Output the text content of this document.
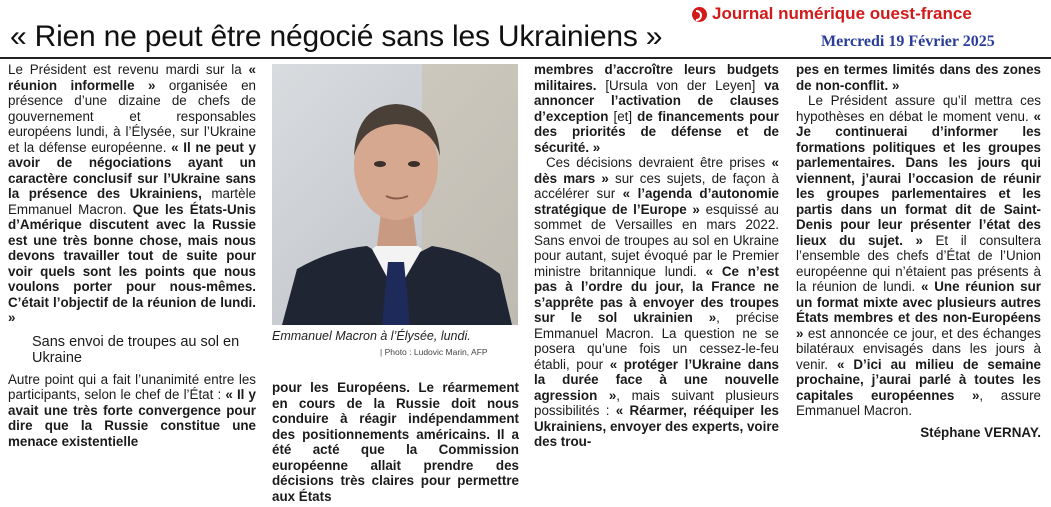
Journal numérique ouest-france
Mercredi 19 Février 2025
« Rien ne peut être négocié sans les Ukrainiens »

Le Président est revenu mardi sur la « réunion informelle » organisée en présence d’une dizaine de chefs de gouvernement et responsables européens lundi, à l’Élysée, sur l’Ukraine et la défense européenne. « Il ne peut y avoir de négociations ayant un caractère conclusif sur l’Ukraine sans la présence des Ukrainiens, martèle Emmanuel Macron. Que les États-Unis d’Amérique discutent avec la Russie est une très bonne chose, mais nous devons travailler tout de suite pour voir quels sont les points que nous voulons porter pour nous-mêmes. C’était l’objectif de la réunion de lundi. »

Sans envoi de troupes au sol en Ukraine

Autre point qui a fait l’unanimité entre les participants, selon le chef de l’État : « Il y avait une très forte convergence pour dire que la Russie constitue une menace existentielle

Emmanuel Macron à l’Élysée, lundi.
| Photo : Ludovic Marin, AFP

pour les Européens. Le réarmement en cours de la Russie doit nous conduire à réagir indépendamment des positionnements américains. Il a été acté que la Commission européenne allait prendre des décisions très claires pour permettre aux États

membres d’accroître leurs budgets militaires. [Ursula von der Leyen] va annoncer l’activation de clauses d’exception [et] de financements pour des priorités de défense et de sécurité. »

Ces décisions devraient être prises « dès mars » sur ces sujets, de façon à accélérer sur « l’agenda d’autonomie stratégique de l’Europe » esquissé au sommet de Versailles en mars 2022. Sans envoi de troupes au sol en Ukraine pour autant, sujet évoqué par le Premier ministre britannique lundi. « Ce n’est pas à l’ordre du jour, la France ne s’apprête pas à envoyer des troupes sur le sol ukrainien », précise Emmanuel Macron. La question ne se posera qu’une fois un cessez-le-feu établi, pour « protéger l’Ukraine dans la durée face à une nouvelle agression », mais suivant plusieurs possibilités : « Réarmer, rééquiper les Ukrainiens, envoyer des experts, voire des trou-

pes en termes limités dans des zones de non-conflit. »

Le Président assure qu’il mettra ces hypothèses en débat le moment venu. « Je continuerai d’informer les formations politiques et les groupes parlementaires. Dans les jours qui viennent, j’aurai l’occasion de réunir les groupes parlementaires et les partis dans un format dit de Saint-Denis pour leur présenter l’état des lieux du sujet. » Et il consultera l’ensemble des chefs d’État de l’Union européenne qui n’étaient pas présents à la réunion de lundi. « Une réunion sur un format mixte avec plusieurs autres États membres et des non-Européens » est annoncée ce jour, et des échanges bilatéraux envisagés dans les jours à venir. « D’ici au milieu de semaine prochaine, j’aurai parlé à toutes les capitales européennes », assure Emmanuel Macron.

Stéphane VERNAY.
